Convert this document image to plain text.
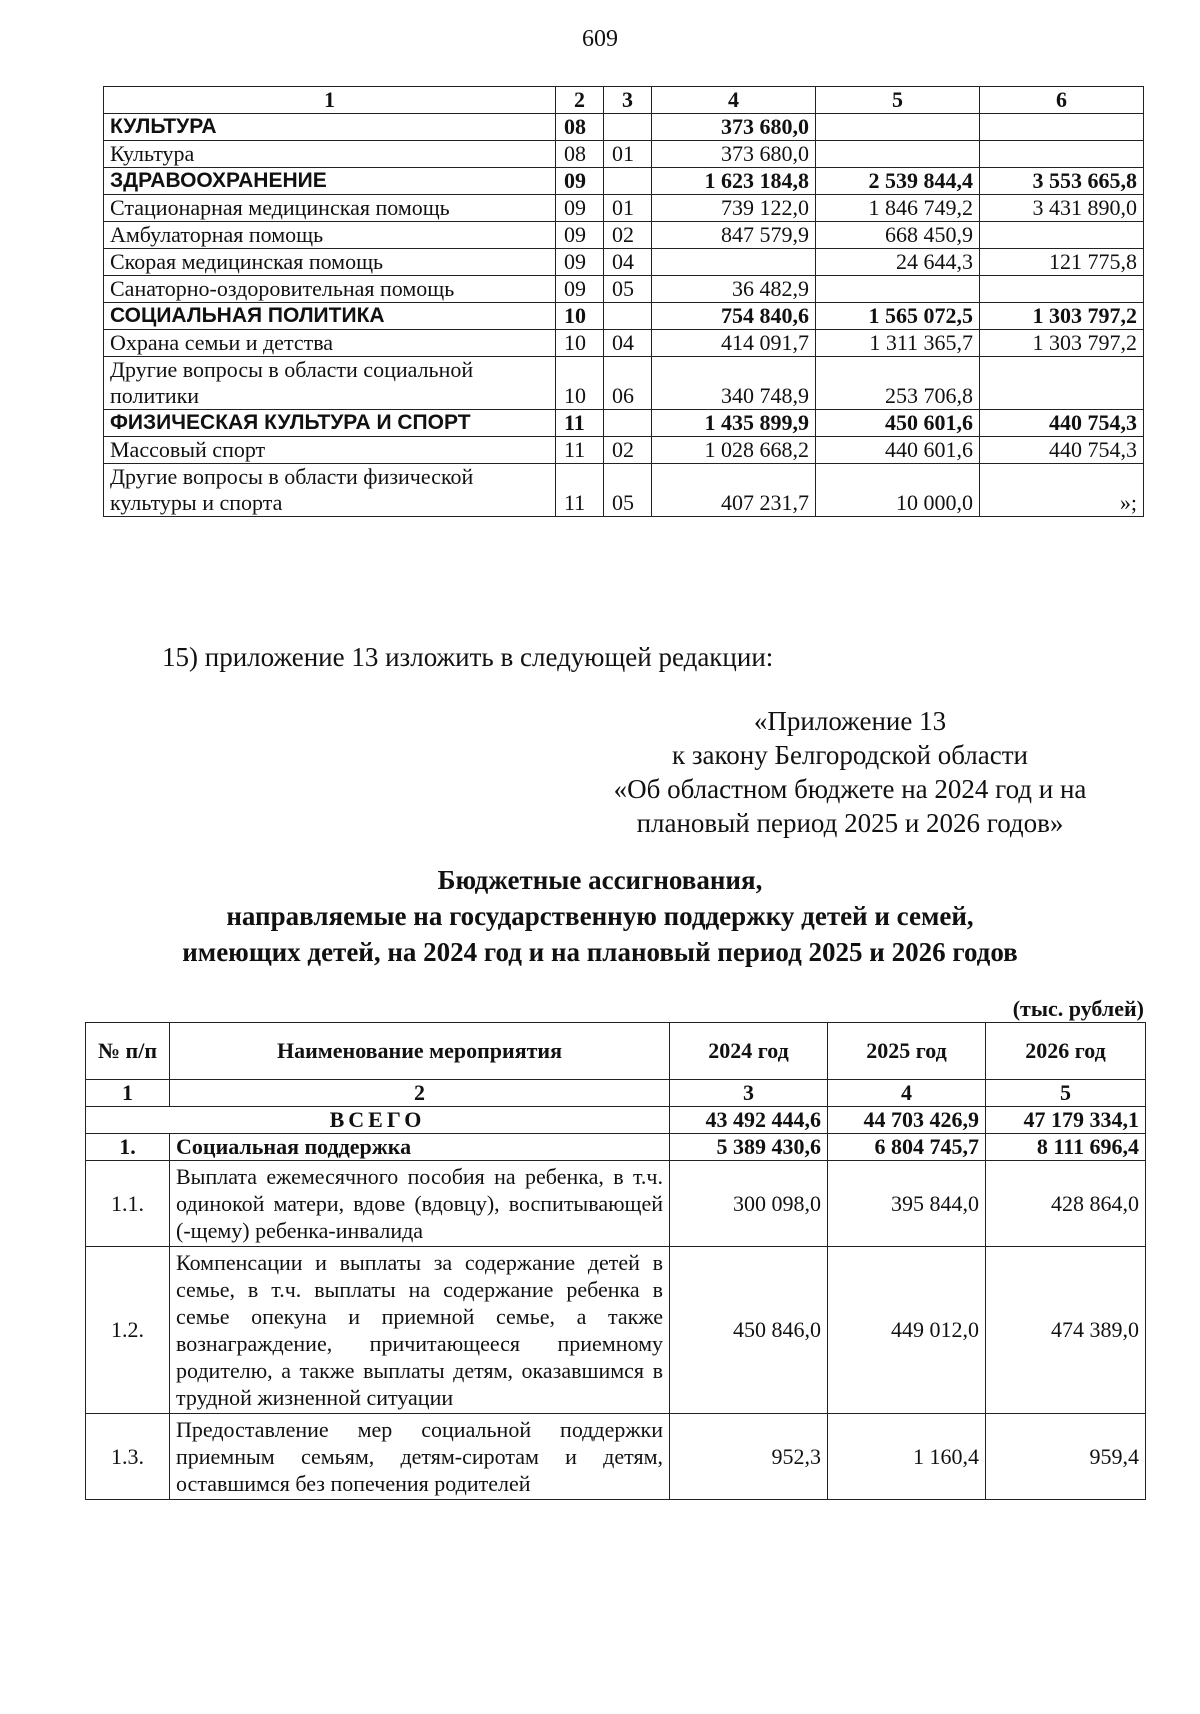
609
1	2	3	4	5	6
КУЛЬТУРА	08		373 680,0		
Культура	08	01	373 680,0		
ЗДРАВООХРАНЕНИЕ	09		1 623 184,8	2 539 844,4	3 553 665,8
Стационарная медицинская помощь	09	01	739 122,0	1 846 749,2	3 431 890,0
Амбулаторная помощь	09	02	847 579,9	668 450,9	
Скорая медицинская помощь	09	04		24 644,3	121 775,8
Санаторно-оздоровительная помощь	09	05	36 482,9		
СОЦИАЛЬНАЯ ПОЛИТИКА	10		754 840,6	1 565 072,5	1 303 797,2
Охрана семьи и детства	10	04	414 091,7	1 311 365,7	1 303 797,2
Другие вопросы в области социальной политики	10	06	340 748,9	253 706,8	
ФИЗИЧЕСКАЯ КУЛЬТУРА И СПОРТ	11		1 435 899,9	450 601,6	440 754,3
Массовый спорт	11	02	1 028 668,2	440 601,6	440 754,3
Другие вопросы в области физической культуры и спорта	11	05	407 231,7	10 000,0	»;
15) приложение 13 изложить в следующей редакции:
«Приложение 13
к закону Белгородской области
«Об областном бюджете на 2024 год и на
плановый период 2025 и 2026 годов»
Бюджетные ассигнования,
направляемые на государственную поддержку детей и семей,
имеющих детей, на 2024 год и на плановый период 2025 и 2026 годов
(тыс. рублей)
№ п/п	Наименование мероприятия	2024 год	2025 год	2026 год
1	2	3	4	5
ВСЕГО		43 492 444,6	44 703 426,9	47 179 334,1
1.	Социальная поддержка	5 389 430,6	6 804 745,7	8 111 696,4
1.1.	Выплата ежемесячного пособия на ребенка, в т.ч. одинокой матери, вдове (вдовцу), воспитывающей (-щему) ребенка-инвалида	300 098,0	395 844,0	428 864,0
1.2.	Компенсации и выплаты за содержание детей в семье, в т.ч. выплаты на содержание ребенка в семье опекуна и приемной семье, а также вознаграждение, причитающееся приемному родителю, а также выплаты детям, оказавшимся в трудной жизненной ситуации	450 846,0	449 012,0	474 389,0
1.3.	Предоставление мер социальной поддержки приемным семьям, детям-сиротам и детям, оставшимся без попечения родителей	952,3	1 160,4	959,4
